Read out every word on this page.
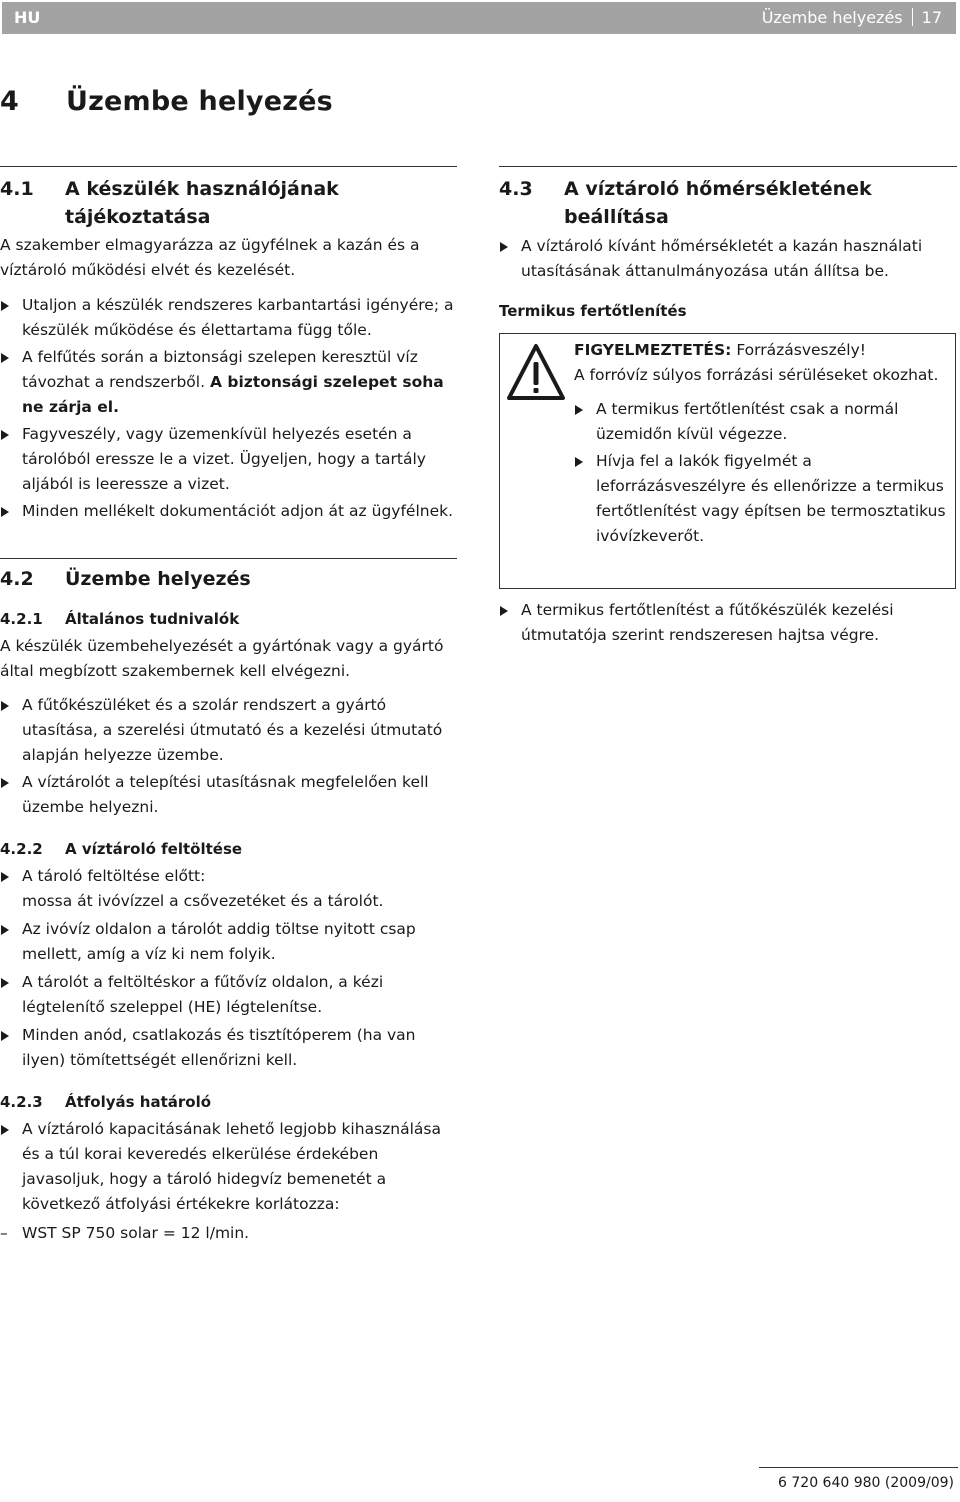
HU	Üzembe helyezés 17
4 Üzembe helyezés
4.1	A készülék használójának tájékoztatása

A szakember elmagyarázza az ügyfélnek a kazán és a víztároló működési elvét és kezelését.

Utaljon a készülék rendszeres karbantartási igényére; a készülék működése és élettartama függ tőle.
A felfűtés során a biztonsági szelepen keresztül víz távozhat a rendszerből. A biztonsági szelepet soha ne zárja el.
Fagyveszély, vagy üzemenkívül helyezés esetén a tárolóból eressze le a vizet. Ügyeljen, hogy a tartály aljából is leeressze a vizet.
Minden mellékelt dokumentációt adjon át az ügyfélnek.
4.2	Üzembe helyezés
4.2.1	Általános tudnivalók

A készülék üzembehelyezését a gyártónak vagy a gyártó által megbízott szakembernek kell elvégezni.

A fűtőkészüléket és a szolár rendszert a gyártó utasítása, a szerelési útmutató és a kezelési útmutató alapján helyezze üzembe.
A víztárolót a telepítési utasításnak megfelelően kell üzembe helyezni.
4.2.2	A víztároló feltöltése
A tároló feltöltése előtt:
mossa át ivóvízzel a csővezetéket és a tárolót.
Az ivóvíz oldalon a tárolót addig töltse nyitott csap mellett, amíg a víz ki nem folyik.
A tárolót a feltöltéskor a fűtővíz oldalon, a kézi légtelenítő szeleppel (HE) légtelenítse.
Minden anód, csatlakozás és tisztítóperem (ha van ilyen) tömítettségét ellenőrizni kell.
4.2.3	Átfolyás határoló
A víztároló kapacitásának lehető legjobb kihasználása és a túl korai keveredés elkerülése érdekében javasoljuk, hogy a tároló hidegvíz bemenetét a következő átfolyási értékekre korlátozza:
– WST SP 750 solar = 12 l/min.
4.3	A víztároló hőmérsékletének beállítása
A víztároló kívánt hőmérsékletét a kazán használati utasításának áttanulmányozása után állítsa be.
Termikus fertőtlenítés

FIGYELMEZTETÉS: Forrázásveszély!

A forróvíz súlyos forrázási sérüléseket okozhat.

A termikus fertőtlenítést csak a normál üzemidőn kívül végezze.
Hívja fel a lakók figyelmét a leforrázásveszélyre és ellenőrizze a termikus fertőtlenítést vagy építsen be termosztatikus ivóvízkeverőt.
A termikus fertőtlenítést a fűtőkészülék kezelési útmutatója szerint rendszeresen hajtsa végre.
6 720 640 980 (2009/09)
